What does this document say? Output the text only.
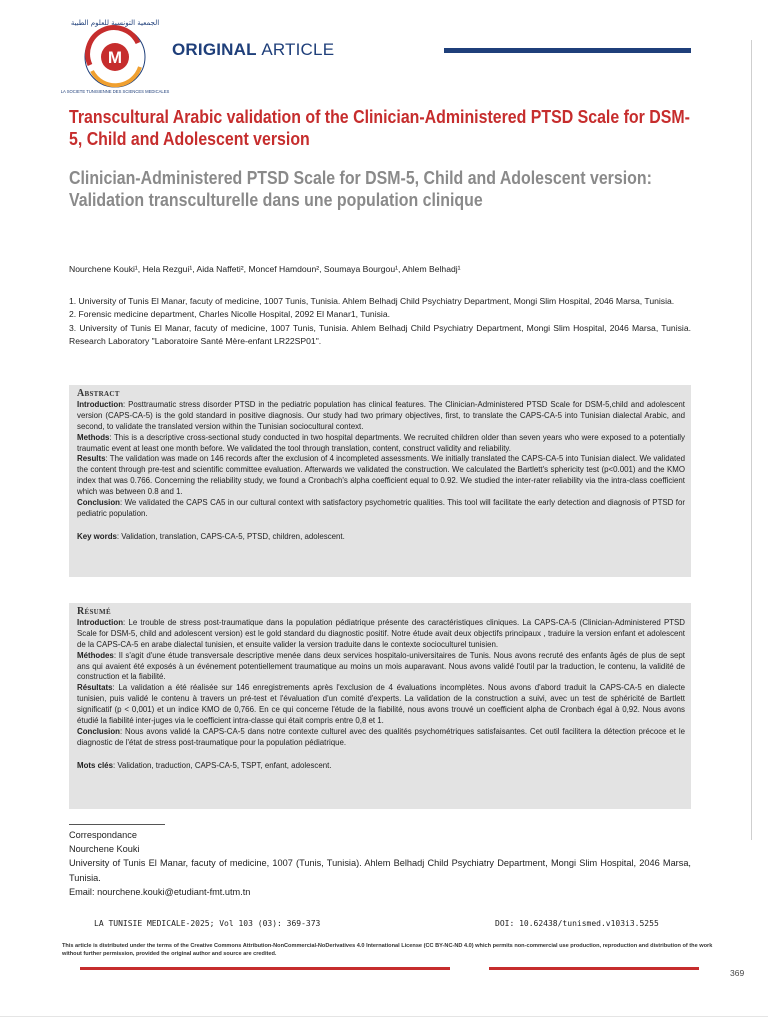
M
الجمعية التونسية للعلوم الطبية
LA SOCIETE TUNISIENNE DES SCIENCES MEDICALES
ORIGINAL ARTICLE
Transcultural Arabic validation of the Clinician-Administered PTSD Scale for DSM-5, Child and Adolescent version
Clinician-Administered PTSD Scale for DSM-5, Child and Adolescent version: Validation transculturelle dans une population clinique
Nourchene Kouki¹, Hela Rezgui¹, Aida Naffeti², Moncef Hamdoun², Soumaya Bourgou¹, Ahlem Belhadj¹
1. University of Tunis El Manar, facuty of medicine, 1007 Tunis, Tunisia. Ahlem Belhadj Child Psychiatry Department, Mongi Slim Hospital, 2046 Marsa, Tunisia.
2. Forensic medicine department, Charles Nicolle Hospital, 2092 El Manar1, Tunisia.
3. University of Tunis El Manar, facuty of medicine, 1007 Tunis, Tunisia. Ahlem Belhadj Child Psychiatry Department, Mongi Slim Hospital, 2046 Marsa, Tunisia. Research Laboratory "Laboratoire Santé Mère-enfant LR22SP01".
Abstract
Introduction: Posttraumatic stress disorder PTSD in the pediatric population has clinical features. The Clinician-Administered PTSD Scale for DSM-5,child and adolescent version (CAPS-CA-5) is the gold standard in positive diagnosis. Our study had two primary objectives, first, to translate the CAPS-CA-5 into Tunisian dialectal Arabic, and second, to validate the translated version within the Tunisian sociocultural context.
Methods: This is a descriptive cross-sectional study conducted in two hospital departments. We recruited children older than seven years who were exposed to a potentially traumatic event at least one month before. We validated the tool through translation, content, construct validity and reliability.
Results: The validation was made on 146 records after the exclusion of 4 incompleted assessments. We initially translated the CAPS-CA-5 into Tunisian dialect. We validated the content through pre-test and scientific committee evaluation. Afterwards we validated the construction. We calculated the Bartlett's sphericity test (p<0.001) and the KMO index that was 0.766. Concerning the reliability study, we found a Cronbach's alpha coefficient equal to 0.92. We studied the inter-rater reliability via the intra-class coefficient which was between 0.8 and 1.
Conclusion: We validated the CAPS CA5 in our cultural context with satisfactory psychometric qualities. This tool will facilitate the early detection and diagnosis of PTSD for pediatric population.
Key words: Validation, translation, CAPS-CA-5, PTSD, children, adolescent.
Résumé
Introduction: Le trouble de stress post-traumatique dans la population pédiatrique présente des caractéristiques cliniques. La CAPS-CA-5 (Clinician-Administered PTSD Scale for DSM-5, child and adolescent version) est le gold standard du diagnostic positif. Notre étude avait deux objectifs principaux , traduire la version enfant et adolescent de la CAPS-CA-5 en arabe dialectal tunisien, et ensuite valider la version traduite dans le contexte socioculturel tunisien.
Méthodes: Il s'agit d'une étude transversale descriptive menée dans deux services hospitalo-universitaires de Tunis. Nous avons recruté des enfants âgés de plus de sept ans qui avaient été exposés à un événement potentiellement traumatique au moins un mois auparavant. Nous avons validé l'outil par la traduction, le contenu, la validité de construction et la fiabilité.
Résultats: La validation a été réalisée sur 146 enregistrements après l'exclusion de 4 évaluations incomplètes. Nous avons d'abord traduit la CAPS-CA-5 en dialecte tunisien, puis validé le contenu à travers un pré-test et l'évaluation d'un comité d'experts. La validation de la construction a suivi, avec un test de sphéricité de Bartlett significatif (p < 0,001) et un indice KMO de 0,766. En ce qui concerne l'étude de la fiabilité, nous avons trouvé un coefficient alpha de Cronbach égal à 0,92. Nous avons étudié la fiabilité inter-juges via le coefficient intra-classe qui était compris entre 0,8 et 1.
Conclusion: Nous avons validé la CAPS-CA-5 dans notre contexte culturel avec des qualités psychométriques satisfaisantes. Cet outil facilitera la détection précoce et le diagnostic de l'état de stress post-traumatique pour la population pédiatrique.
Mots clés: Validation, traduction, CAPS-CA-5, TSPT, enfant, adolescent.
Correspondance
Nourchene Kouki
University of Tunis El Manar, facuty of medicine, 1007 (Tunis, Tunisia). Ahlem Belhadj Child Psychiatry Department, Mongi Slim Hospital, 2046 Marsa, Tunisia.
Email: nourchene.kouki@etudiant-fmt.utm.tn
LA TUNISIE MEDICALE-2025; Vol 103 (03): 369-373	DOI: 10.62438/tunismed.v103i3.5255
This article is distributed under the terms of the Creative Commons Attribution-NonCommercial-NoDerivatives 4.0 International License (CC BY-NC-ND 4.0) which permits non-commercial use production, reproduction and distribution of the work without further permission, provided the original author and source are credited.
369
